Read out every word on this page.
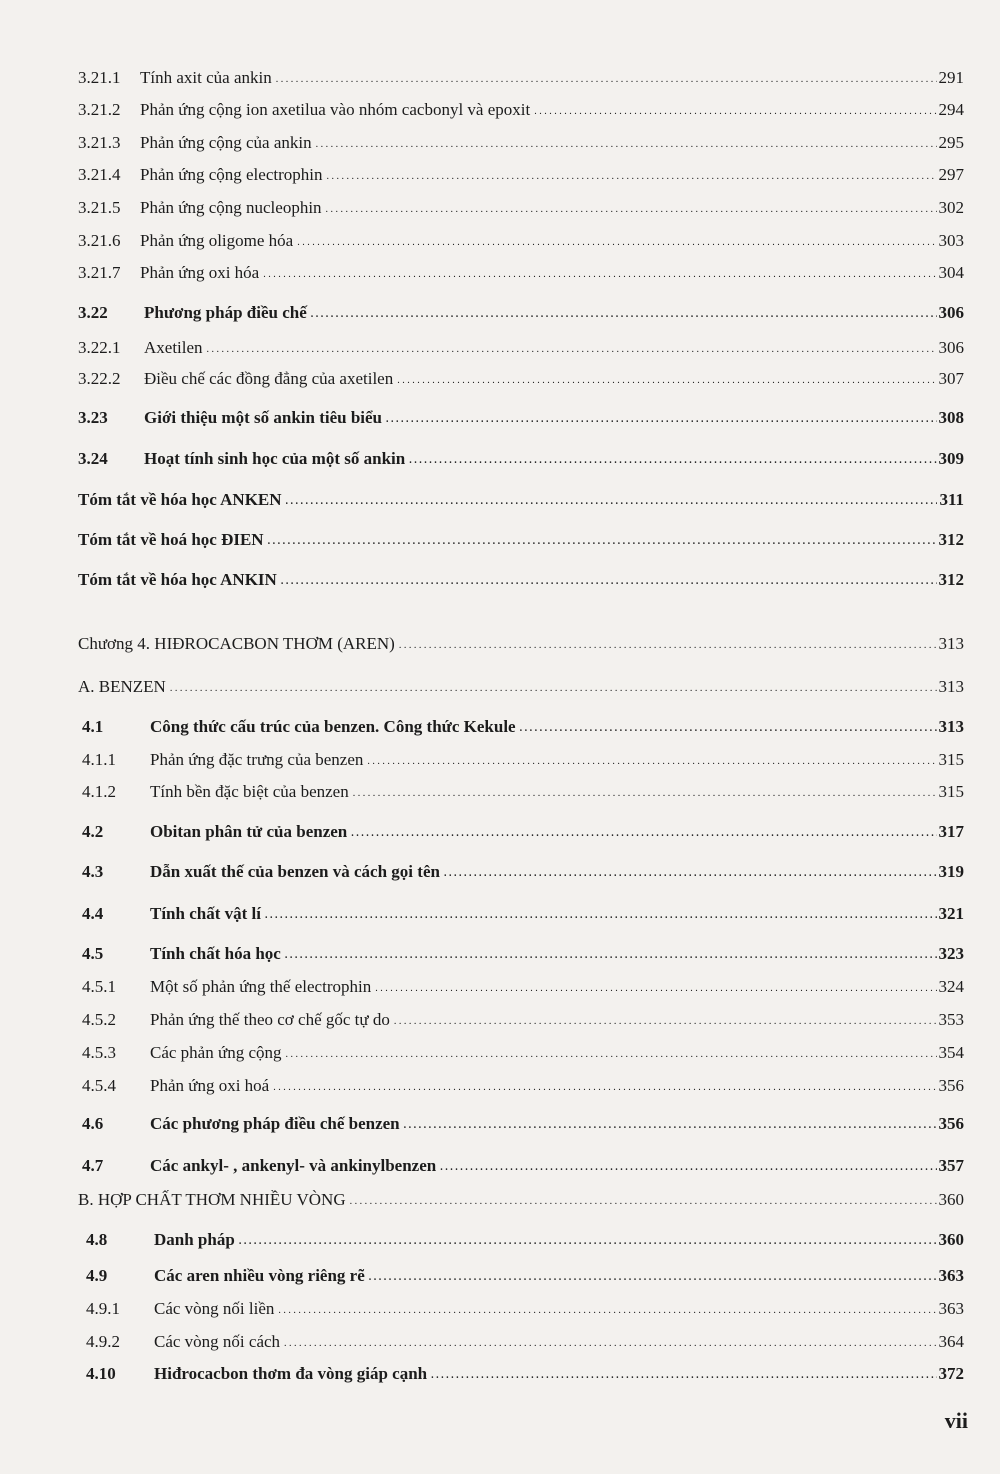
3.21.1	Tính axit của ankin . . .	291
3.21.2	Phản ứng cộng ion axetilua vào nhóm cacbonyl và epoxit . . .	294
3.21.3	Phản ứng cộng của ankin . . .	295
3.21.4	Phản ứng cộng electrophin . . .	297
3.21.5	Phản ứng cộng nucleophin . . .	302
3.21.6	Phản ứng oligome hóa . . .	303
3.21.7	Phản ứng oxi hóa . . .	304
3.22	Phương pháp điều chế . . .	306
3.22.1	Axetilen . . .	306
3.22.2	Điều chế các đồng đẳng của axetilen . . .	307
3.23	Giới thiệu một số ankin tiêu biểu . . .	308
3.24	Hoạt tính sinh học của một số ankin . . .	309
Tóm tắt về hóa học ANKEN . . .	311
Tóm tắt về hoá học ĐIEN . . .	312
Tóm tắt về hóa học ANKIN . . .	312
Chương 4. HIĐROCACBON THƠM (AREN) . . .	313
A. BENZEN . . .	313
4.1	Công thức cấu trúc của benzen. Công thức Kekule . . .	313
4.1.1	Phản ứng đặc trưng của benzen . . .	315
4.1.2	Tính bền đặc biệt của benzen . . .	315
4.2	Obitan phân tử của benzen . . .	317
4.3	Dẫn xuất thế của benzen và cách gọi tên . . .	319
4.4	Tính chất vật lí . . .	321
4.5	Tính chất hóa học . . .	323
4.5.1	Một số phản ứng thế electrophin . . .	324
4.5.2	Phản ứng thế theo cơ chế gốc tự do . . .	353
4.5.3	Các phản ứng cộng . . .	354
4.5.4	Phản ứng oxi hoá . . .	356
4.6	Các phương pháp điều chế benzen . . .	356
4.7	Các ankyl- , ankenyl- và ankinylbenzen . . .	357
B. HỢP CHẤT THƠM NHIỀU VÒNG . . .	360
4.8	Danh pháp . . .	360
4.9	Các aren nhiều vòng riêng rẽ . . .	363
4.9.1	Các vòng nối liền . . .	363
4.9.2	Các vòng nối cách . . .	364
4.10	Hiđrocacbon thơm đa vòng giáp cạnh . . .	372
vii
